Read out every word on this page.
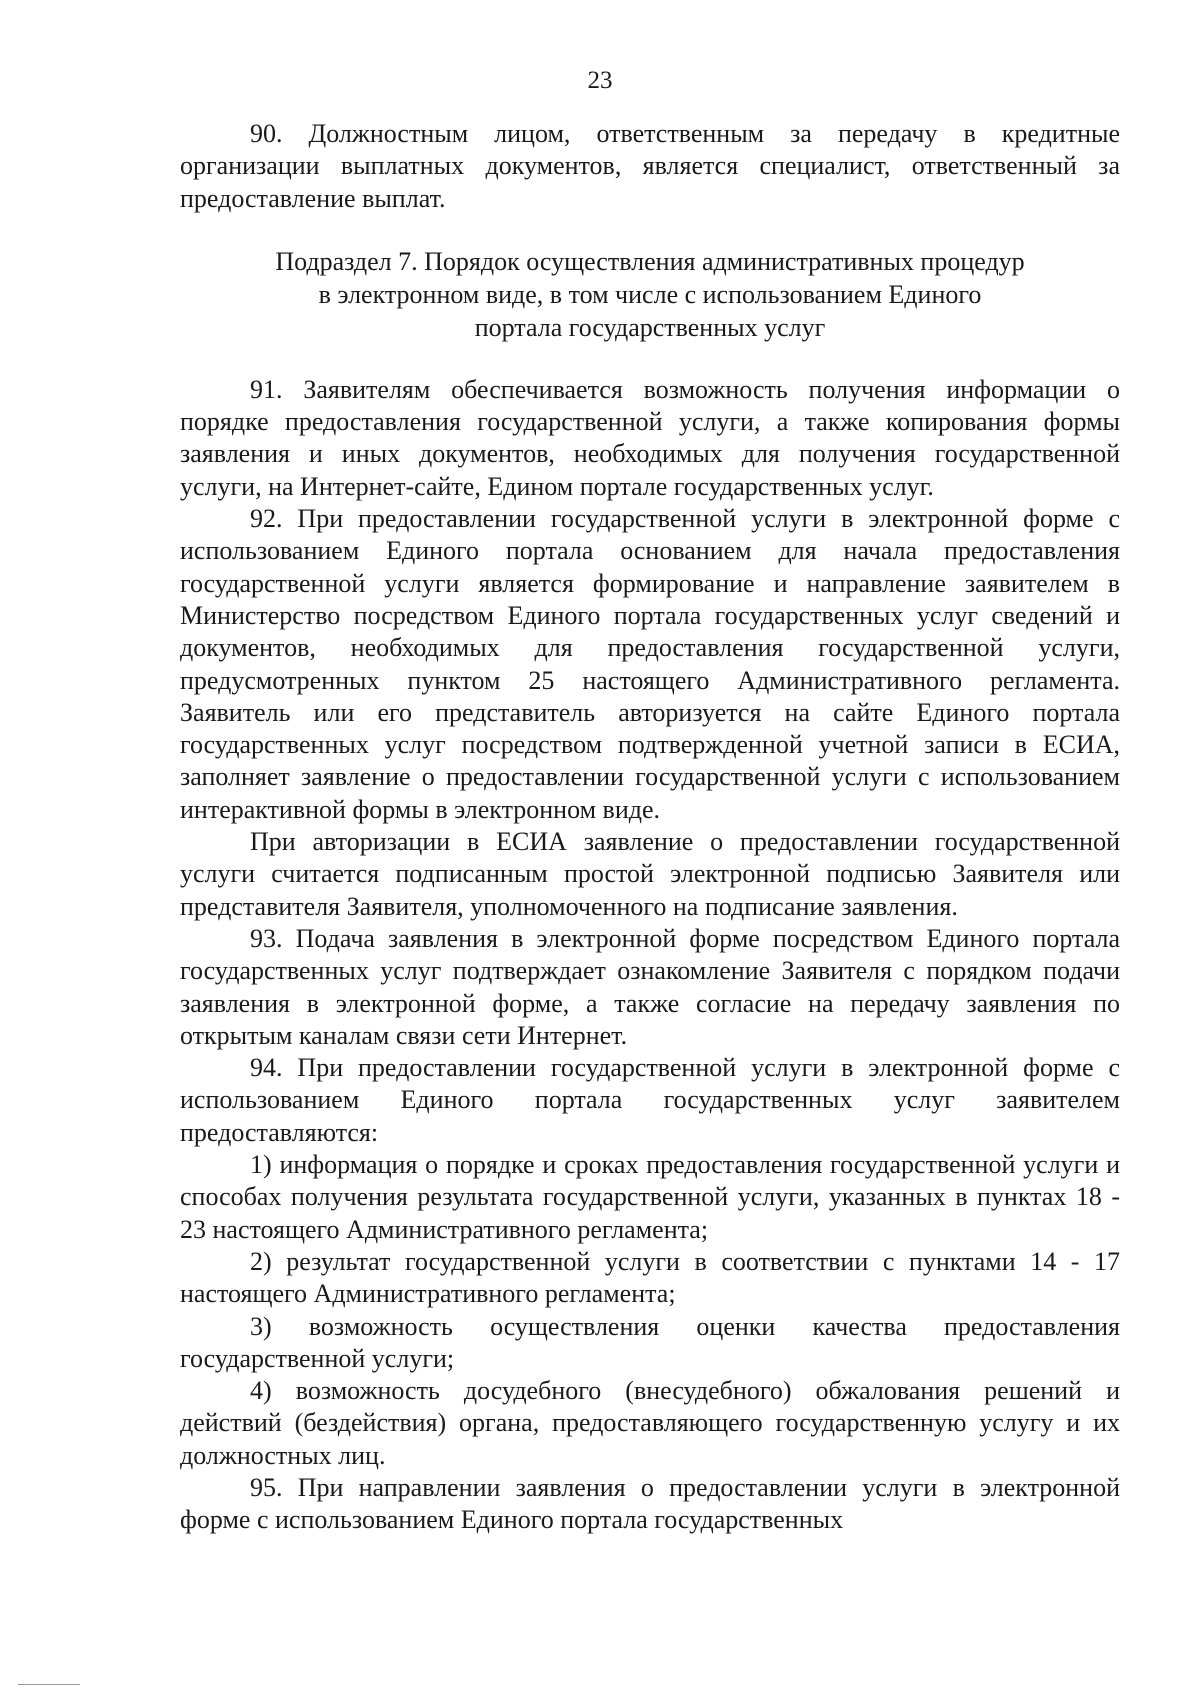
23

90. Должностным лицом, ответственным за передачу в кредитные организации выплатных документов, является специалист, ответственный за предоставление выплат.

Подраздел 7. Порядок осуществления административных процедур
в электронном виде, в том числе с использованием Единого
портала государственных услуг

91. Заявителям обеспечивается возможность получения информации о порядке предоставления государственной услуги, а также копирования формы заявления и иных документов, необходимых для получения государственной услуги, на Интернет-сайте, Едином портале государственных услуг.

92. При предоставлении государственной услуги в электронной форме с использованием Единого портала основанием для начала предоставления государственной услуги является формирование и направление заявителем в Министерство посредством Единого портала государственных услуг сведений и документов, необходимых для предоставления государственной услуги, предусмотренных пунктом 25 настоящего Административного регламента. Заявитель или его представитель авторизуется на сайте Единого портала государственных услуг посредством подтвержденной учетной записи в ЕСИА, заполняет заявление о предоставлении государственной услуги с использованием интерактивной формы в электронном виде.

При авторизации в ЕСИА заявление о предоставлении государственной услуги считается подписанным простой электронной подписью Заявителя или представителя Заявителя, уполномоченного на подписание заявления.

93. Подача заявления в электронной форме посредством Единого портала государственных услуг подтверждает ознакомление Заявителя с порядком подачи заявления в электронной форме, а также согласие на передачу заявления по открытым каналам связи сети Интернет.

94. При предоставлении государственной услуги в электронной форме с использованием Единого портала государственных услуг заявителем предоставляются:

1) информация о порядке и сроках предоставления государственной услуги и способах получения результата государственной услуги, указанных в пунктах 18 - 23 настоящего Административного регламента;

2) результат государственной услуги в соответствии с пунктами 14 - 17 настоящего Административного регламента;

3) возможность осуществления оценки качества предоставления государственной услуги;

4) возможность досудебного (внесудебного) обжалования решений и действий (бездействия) органа, предоставляющего государственную услугу и их должностных лиц.

95. При направлении заявления о предоставлении услуги в электронной форме с использованием Единого портала государственных
